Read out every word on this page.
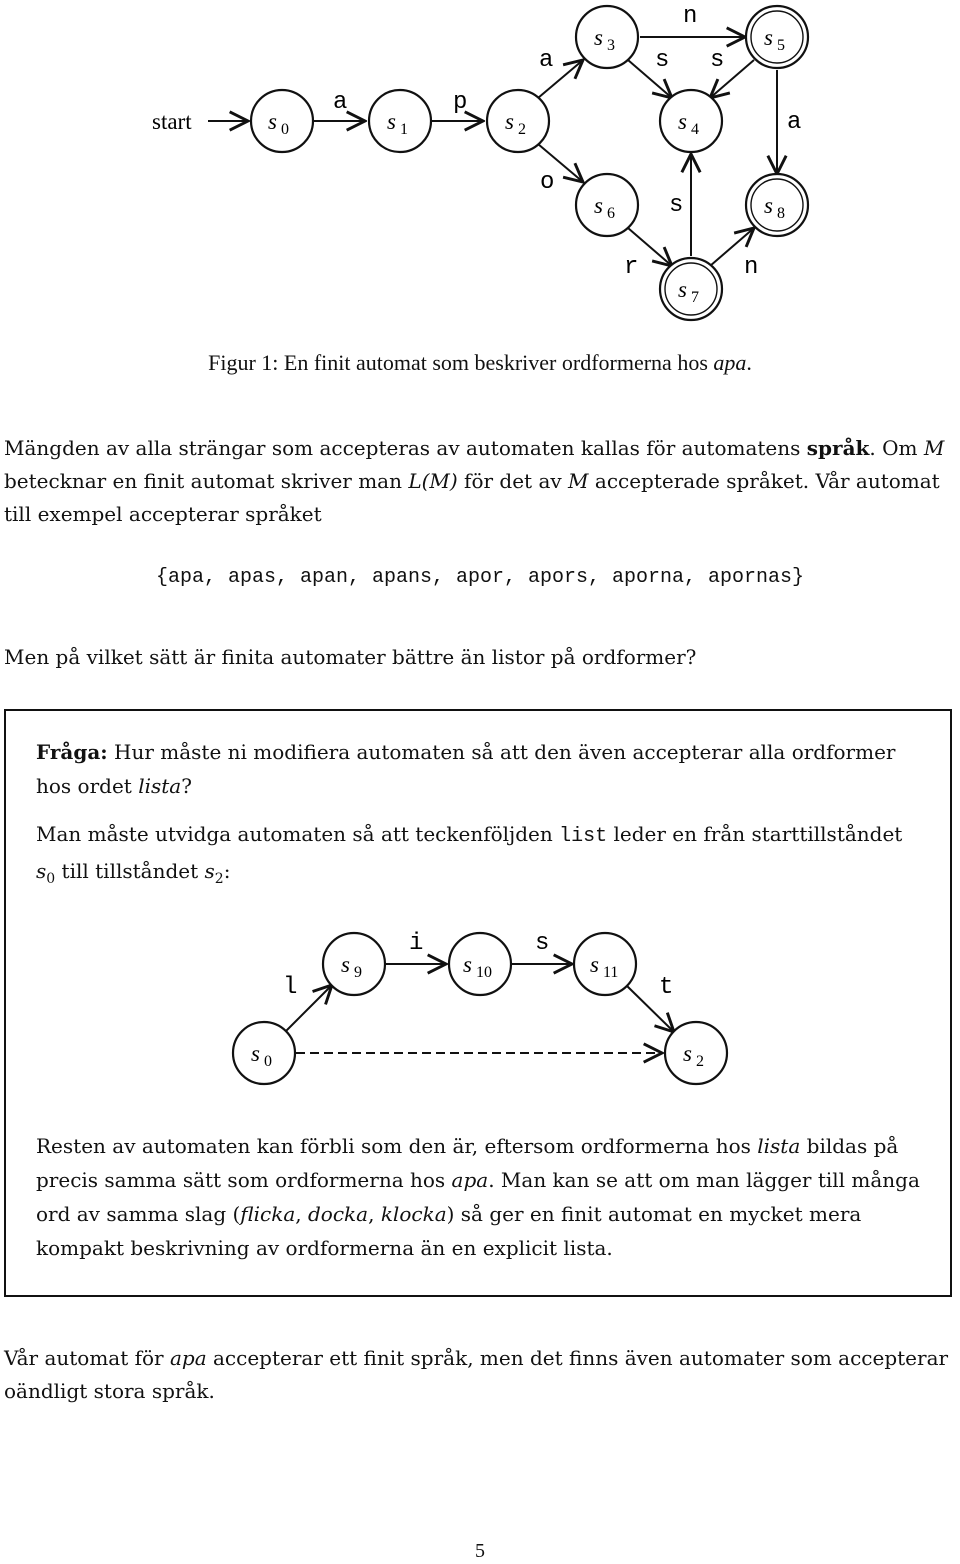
start
a	p
a
n
s s
a
o
r
s
n
s $_0$	s $_1$	s $_2$
s $_3$
s $_4$
s $_5$
s $_6$
s $_7$
s $_8$
Figur 1: En finit automat som beskriver ordformerna hos apa.

Mängden av alla strängar som accepteras av automaten kallas för automatens språk. Om M betecknar en finit automat skriver man L(M) för det av M accepterade språket. Vår automat till exempel accepterar språket

{apa, apas, apan, apans, apor, apors, aporna, apornas}

Men på vilket sätt är finita automater bättre än listor på ordformer?

Fråga: Hur måste ni modifiera automaten så att den även accepterar alla ordformer hos ordet lista?

Man måste utvidga automaten så att teckenföljden list leder en från starttillståndet $s_0$ till tillståndet $s_2$:

l
i	s
t
s $_0$
s $_9$	s $_{10}$	s $_{11}$
s $_2$

Resten av automaten kan förbli som den är, eftersom ordformerna hos lista bildas på precis samma sätt som ordformerna hos apa. Man kan se att om man lägger till många ord av samma slag (flicka, docka, klocka) så ger en finit automat en mycket mera kompakt beskrivning av ordformerna än en explicit lista.

Vår automat för apa accepterar ett finit språk, men det finns även automater som accepterar oändligt stora språk.

5
